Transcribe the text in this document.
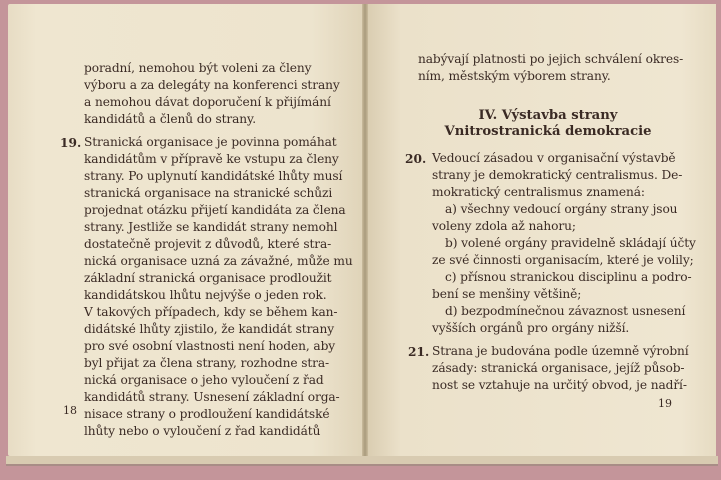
poradní, nemohou být voleni za členy
výboru a za delegáty na konferenci strany
a nemohou dávat doporučení k přijímání
kandidátů a členů do strany.
19. Stranická organisace je povinna pomáhat
kandidátům v přípravě ke vstupu za členy
strany. Po uplynutí kandidátské lhůty musí
stranická organisace na stranické schůzi
projednat otázku přijetí kandidáta za člena
strany. Jestliže se kandidát strany nemohl
dostatečně projevit z důvodů, které stra-
nická organisace uzná za závažné, může mu
základní stranická organisace prodloužit
kandidátskou lhůtu nejvýše o jeden rok.
V takových případech, kdy se během kan-
didátské lhůty zjistilo, že kandidát strany
pro své osobní vlastnosti není hoden, aby
byl přijat za člena strany, rozhodne stra-
nická organisace o jeho vyloučení z řad
kandidátů strany. Usnesení základní orga-
nisace strany o prodloužení kandidátské
lhůty nebo o vyloučení z řad kandidátů
18
nabývají platnosti po jejich schválení okres-
ním, městským výborem strany.
IV. Výstavba strany
Vnitrostranická demokracie
20. Vedoucí zásadou v organisační výstavbě
strany je demokratický centralismus. De-
mokratický centralismus znamená:
a) všechny vedoucí orgány strany jsou
voleny zdola až nahoru;
b) volené orgány pravidelně skládají účty
ze své činnosti organisacím, které je volily;
c) přísnou stranickou disciplinu a podro-
bení se menšiny většině;
d) bezpodmínečnou závaznost usnesení
vyšších orgánů pro orgány nižší.
21. Strana je budována podle územně výrobní
zásady: stranická organisace, jejíž působ-
nost se vztahuje na určitý obvod, je nadří-
19
